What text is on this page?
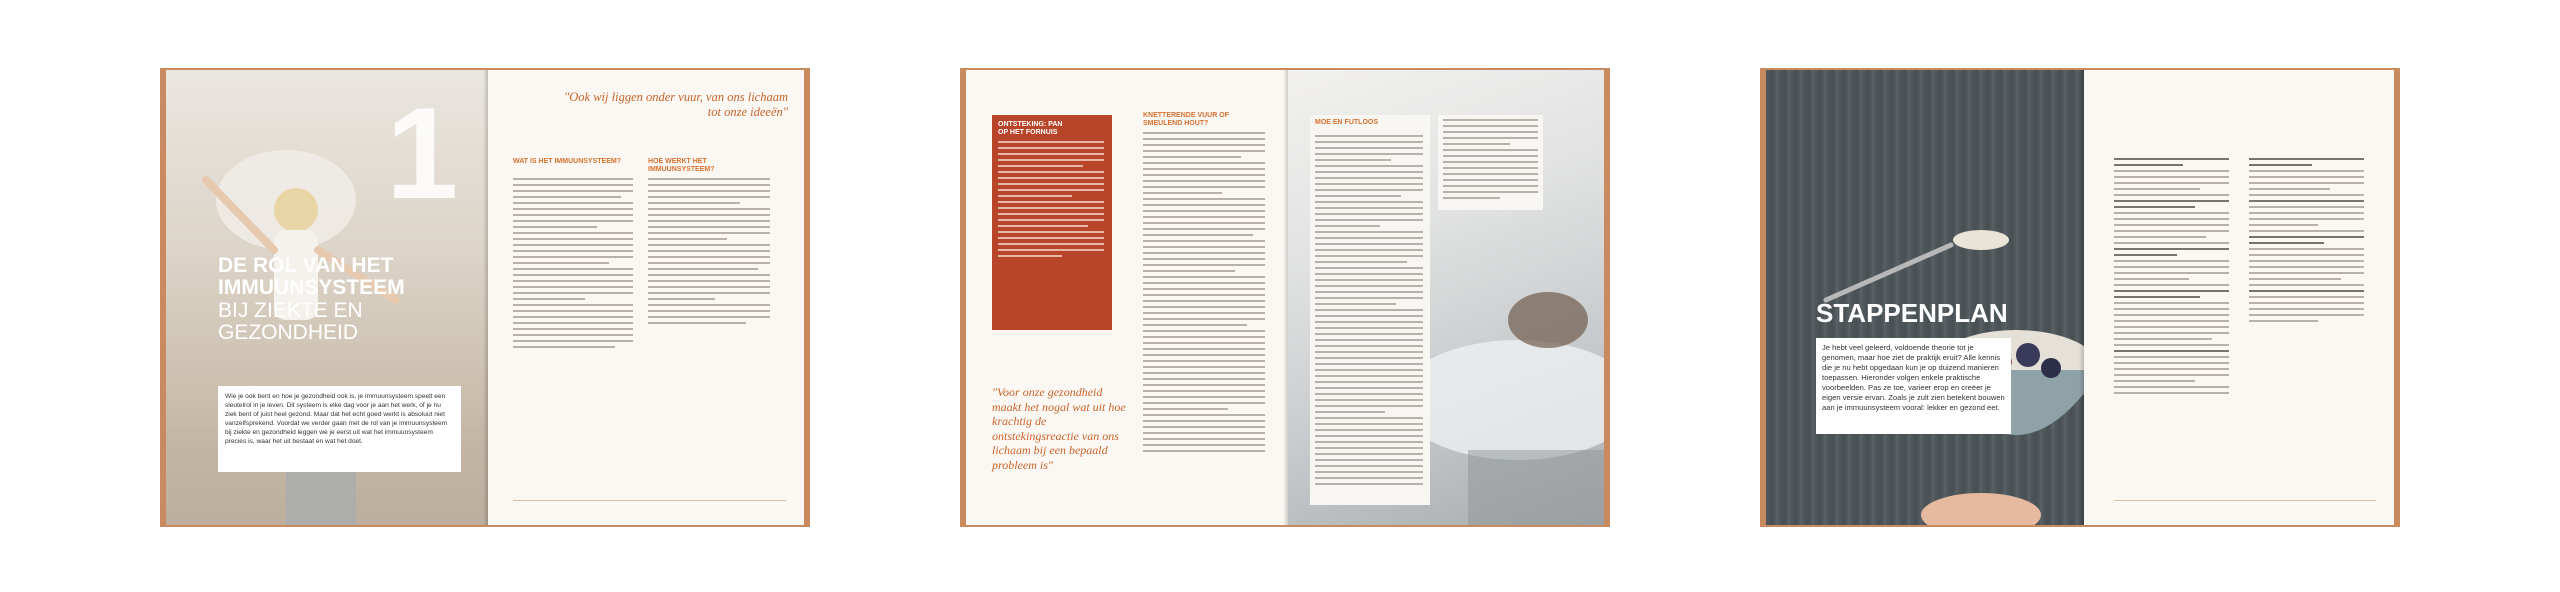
1
DE ROL VAN HET IMMUUNSYSTEEM
BIJ ZIEKTE EN GEZONDHEID
Wie je ook bent en hoe je gezondheid ook is, je immuunsysteem speelt een sleutelrol in je leven. Dit systeem is elke dag voor je aan het werk, of je nu ziek bent of juist heel gezond. Maar dat het echt goed werkt is absoluut niet vanzelfsprekend. Voordat we verder gaan met de rol van je immuunsysteem bij ziekte en gezondheid leggen we je eerst uit wat het immuunsysteem precies is, waar het uit bestaat en wat het doet.
"Ook wij liggen onder vuur, van ons lichaam tot onze ideeën"
WAT IS HET IMMUUNSYSTEEM?	HOE WERKT HET IMMUUNSYSTEEM?
ONTSTEKING: PAN OP HET FORNUIS
KNETTERENDE VUUR OF SMEULEND HOUT?
"Voor onze gezondheid maakt het nogal wat uit hoe krachtig de ontstekingsreactie van ons lichaam bij een bepaald probleem is"
MOE EN FUTLOOS
STAPPENPLAN
Je hebt veel geleerd, voldoende theorie tot je genomen, maar hoe ziet de praktijk eruit? Alle kennis die je nu hebt opgedaan kun je op duizend manieren toepassen. Hieronder volgen enkele praktische voorbeelden. Pas ze toe, varieer erop en creëer je eigen versie ervan. Zoals je zult zien betekent bouwen aan je immuunsysteem vooral: lekker en gezond eet.
